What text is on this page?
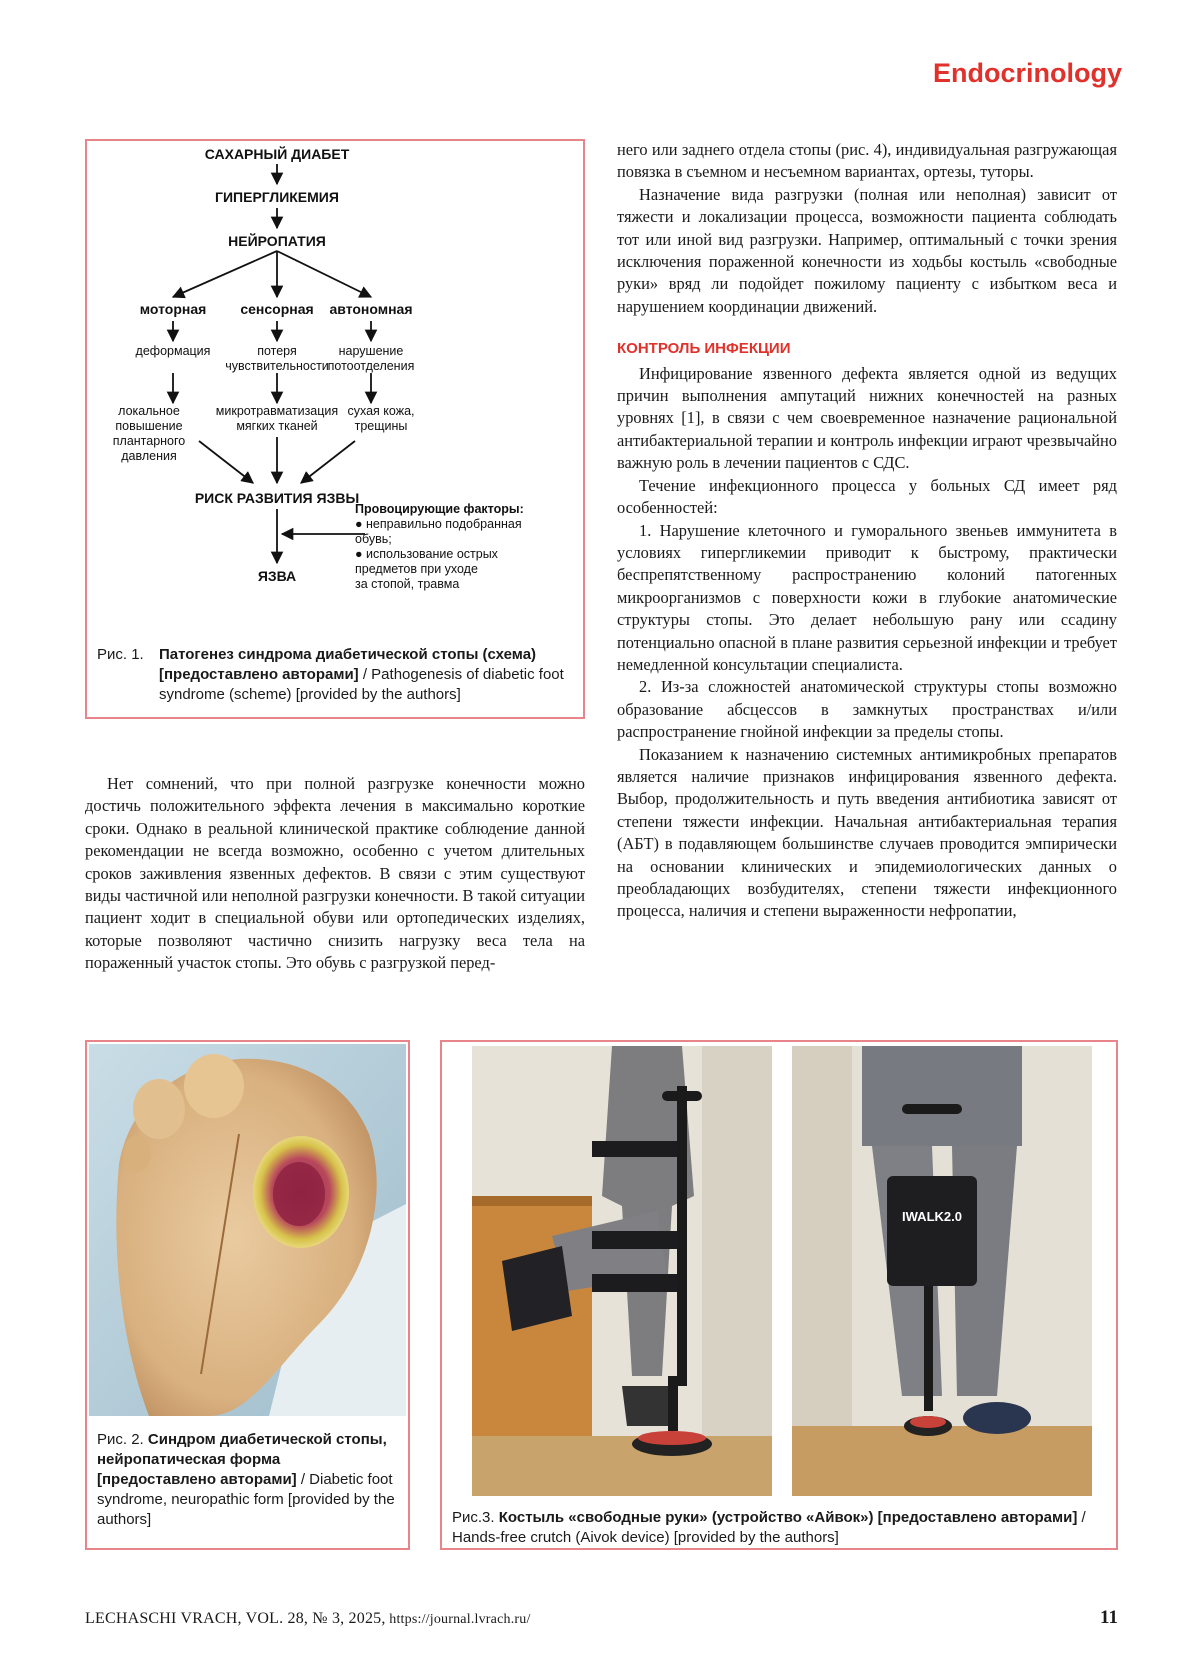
Endocrinology
САХАРНЫЙ ДИАБЕТ
ГИПЕРГЛИКЕМИЯ
НЕЙРОПАТИЯ
моторная сенсорная автономная
РИСК РАЗВИТИЯ ЯЗВЫ
ЯЗВА
деформация	потеря
чувствительности
нарушение
потоотделения
локальное
повышение
плантарного
давления
микротравматизация
мягких тканей
сухая кожа,
трещины
Провоцирующие факторы:
● неправильно подобранная
обувь;
● использование острых
предметов при уходе
за стопой, травма
Рис. 1. Патогенез синдрома диабетической стопы (схема) [предоставлено авторами] / Pathogenesis of diabetic foot syndrome (scheme) [provided by the authors]

Нет сомнений, что при полной разгрузке конечности можно достичь положительного эффекта лечения в максимально короткие сроки. Однако в реальной клинической практике соблюдение данной рекомендации не всегда возможно, особенно с учетом длительных сроков заживления язвенных дефектов. В связи с этим существуют виды частичной или неполной разгрузки конечности. В такой ситуации пациент ходит в специальной обуви или ортопедических изделиях, которые позволяют частично снизить нагрузку веса тела на пораженный участок стопы. Это обувь с разгрузкой перед-

него или заднего отдела стопы (рис. 4), индивидуальная разгружающая повязка в съемном и несъемном вариантах, ортезы, туторы.

Назначение вида разгрузки (полная или неполная) зависит от тяжести и локализации процесса, возможности пациента соблюдать тот или иной вид разгрузки. Например, оптимальный с точки зрения исключения пораженной конечности из ходьбы костыль «свободные руки» вряд ли подойдет пожилому пациенту с избытком веса и нарушением координации движений.

КОНТРОЛЬ ИНФЕКЦИИ

Инфицирование язвенного дефекта является одной из ведущих причин выполнения ампутаций нижних конечностей на разных уровнях [1], в связи с чем своевременное назначение рациональной антибактериальной терапии и контроль инфекции играют чрезвычайно важную роль в лечении пациентов с СДС.

Течение инфекционного процесса у больных СД имеет ряд особенностей:

1. Нарушение клеточного и гуморального звеньев иммунитета в условиях гипергликемии приводит к быстрому, практически беспрепятственному распространению колоний патогенных микроорганизмов с поверхности кожи в глубокие анатомические структуры стопы. Это делает небольшую рану или ссадину потенциально опасной в плане развития серьезной инфекции и требует немедленной консультации специалиста.

2. Из-за сложностей анатомической структуры стопы возможно образование абсцессов в замкнутых пространствах и/или распространение гнойной инфекции за пределы стопы.

Показанием к назначению системных антимикробных препаратов является наличие признаков инфицирования язвенного дефекта. Выбор, продолжительность и путь введения антибиотика зависят от степени тяжести инфекции. Начальная антибактериальная терапия (АБТ) в подавляющем большинстве случаев проводится эмпирически на основании клинических и эпидемиологических данных о преобладающих возбудителях, степени тяжести инфекционного процесса, наличия и степени выраженности нефропатии,

Рис. 2. Синдром диабетической стопы, нейропатическая форма [предоставлено авторами] / Diabetic foot syndrome, neuropathic form [provided by the authors]
IWALK2.0
Рис.3. Костыль «свободные руки» (устройство «Айвок») [предоставлено авторами] / Hands-free crutch (Aivok device) [provided by the authors]
LECHASCHI VRACH, VOL. 28, № 3, 2025, https://journal.lvrach.ru/	11
